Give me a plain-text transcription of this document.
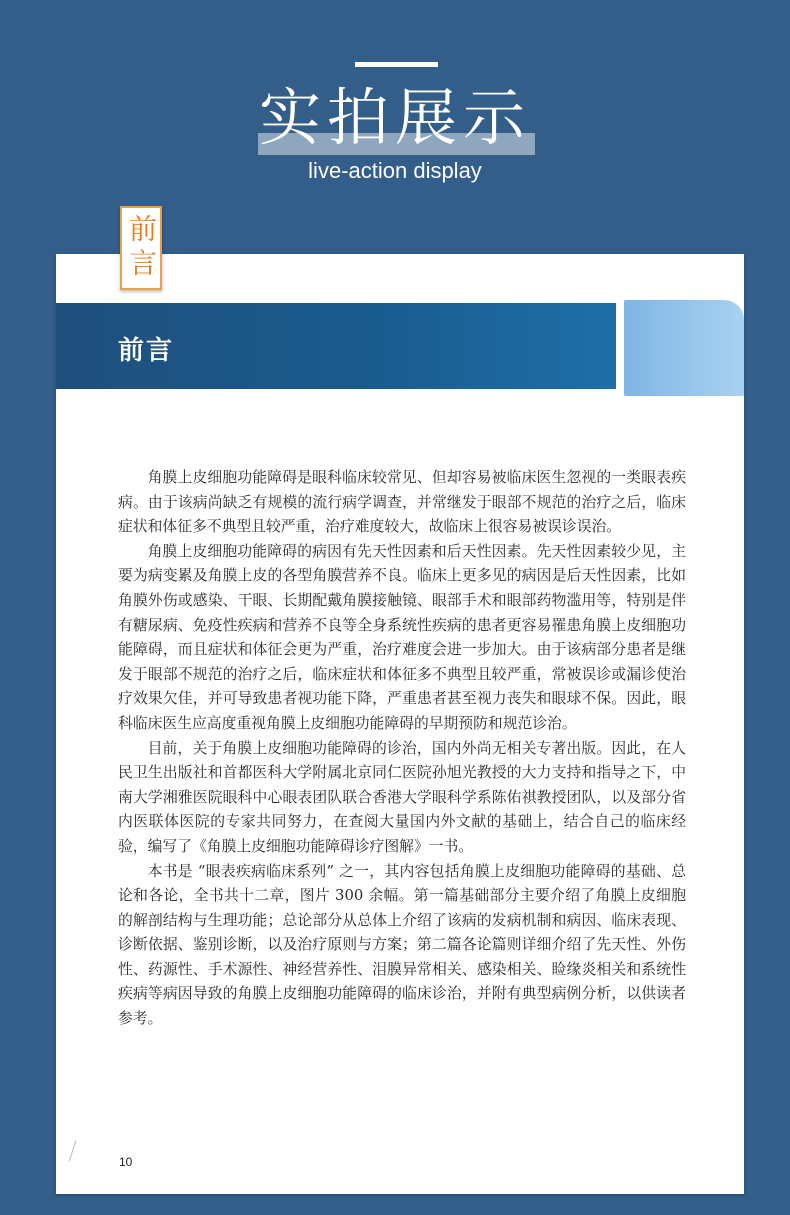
实拍展示
live-action display
前言
前言

角膜上皮细胞功能障碍是眼科临床较常见、但却容易被临床医生忽视的一类眼表疾病。由于该病尚缺乏有规模的流行病学调查，并常继发于眼部不规范的治疗之后，临床症状和体征多不典型且较严重，治疗难度较大，故临床上很容易被误诊误治。

角膜上皮细胞功能障碍的病因有先天性因素和后天性因素。先天性因素较少见，主要为病变累及角膜上皮的各型角膜营养不良。临床上更多见的病因是后天性因素，比如角膜外伤或感染、干眼、长期配戴角膜接触镜、眼部手术和眼部药物滥用等，特别是伴有糖尿病、免疫性疾病和营养不良等全身系统性疾病的患者更容易罹患角膜上皮细胞功能障碍，而且症状和体征会更为严重，治疗难度会进一步加大。由于该病部分患者是继发于眼部不规范的治疗之后，临床症状和体征多不典型且较严重，常被误诊或漏诊使治疗效果欠佳，并可导致患者视功能下降，严重患者甚至视力丧失和眼球不保。因此，眼科临床医生应高度重视角膜上皮细胞功能障碍的早期预防和规范诊治。

目前，关于角膜上皮细胞功能障碍的诊治，国内外尚无相关专著出版。因此，在人民卫生出版社和首都医科大学附属北京同仁医院孙旭光教授的大力支持和指导之下，中南大学湘雅医院眼科中心眼表团队联合香港大学眼科学系陈佑祺教授团队，以及部分省内医联体医院的专家共同努力，在查阅大量国内外文献的基础上，结合自己的临床经验，编写了《角膜上皮细胞功能障碍诊疗图解》一书。

本书是 “眼表疾病临床系列” 之一，其内容包括角膜上皮细胞功能障碍的基础、总论和各论，全书共十二章，图片 300 余幅。第一篇基础部分主要介绍了角膜上皮细胞的解剖结构与生理功能；总论部分从总体上介绍了该病的发病机制和病因、临床表现、诊断依据、鉴别诊断，以及治疗原则与方案；第二篇各论篇则详细介绍了先天性、外伤性、药源性、手术源性、神经营养性、泪膜异常相关、感染相关、睑缘炎相关和系统性疾病等病因导致的角膜上皮细胞功能障碍的临床诊治，并附有典型病例分析，以供读者参考。

10
